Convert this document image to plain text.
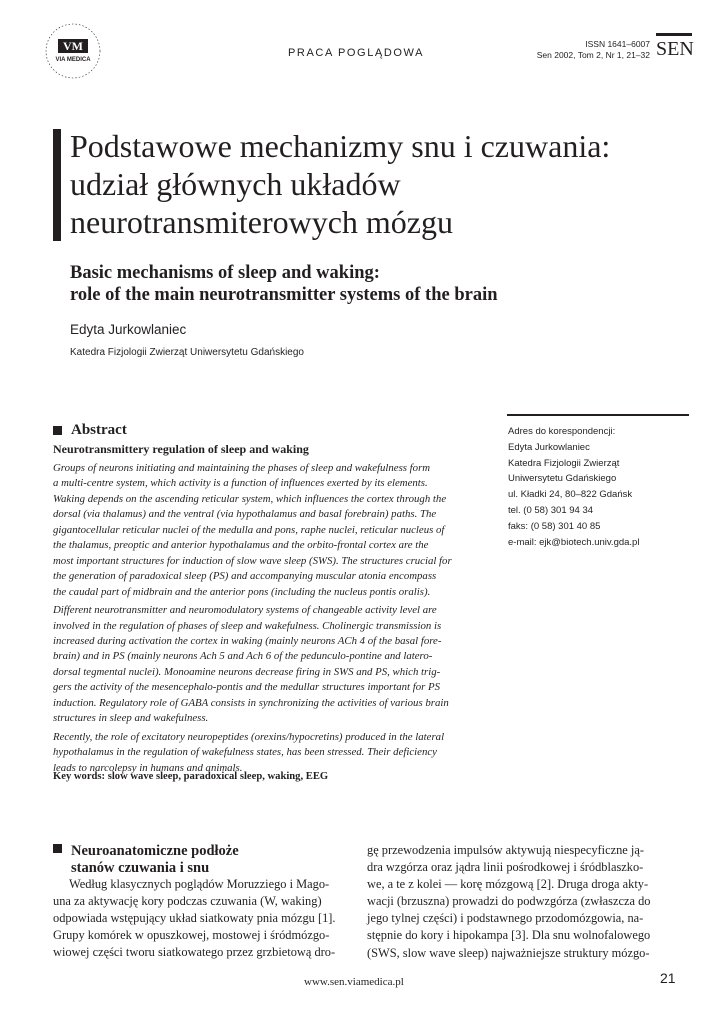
VM
VIA MEDICA
PRACA POGLĄDOWA
ISSN 1641–6007
Sen 2002, Tom 2, Nr 1, 21–32 SEN
Podstawowe mechanizmy snu i czuwania:
udział głównych układów
neurotransmiterowych mózgu
Basic mechanisms of sleep and waking:
role of the main neurotransmitter systems of the brain
Edyta Jurkowlaniec
Katedra Fizjologii Zwierząt Uniwersytetu Gdańskiego
Abstract
Neurotransmittery regulation of sleep and waking

Groups of neurons initiating and maintaining the phases of sleep and wakefulness form
a multi-centre system, which activity is a function of influences exerted by its elements.
Waking depends on the ascending reticular system, which influences the cortex through the
dorsal (via thalamus) and the ventral (via hypothalamus and basal forebrain) paths. The
gigantocellular reticular nuclei of the medulla and pons, raphe nuclei, reticular nucleus of
the thalamus, preoptic and anterior hypothalamus and the orbito-frontal cortex are the
most important structures for induction of slow wave sleep (SWS). The structures crucial for
the generation of paradoxical sleep (PS) and accompanying muscular atonia encompass
the caudal part of midbrain and the anterior pons (including the nucleus pontis oralis).

Different neurotransmitter and neuromodulatory systems of changeable activity level are
involved in the regulation of phases of sleep and wakefulness. Cholinergic transmission is
increased during activation the cortex in waking (mainly neurons ACh 4 of the basal fore-
brain) and in PS (mainly neurons Ach 5 and Ach 6 of the pedunculo-pontine and latero-
dorsal tegmental nuclei). Monoamine neurons decrease firing in SWS and PS, which trig-
gers the activity of the mesencephalo-pontis and the medullar structures important for PS
induction. Regulatory role of GABA consists in synchronizing the activities of various brain
structures in sleep and wakefulness.

Recently, the role of excitatory neuropeptides (orexins/hypocretins) produced in the lateral
hypothalamus in the regulation of wakefulness states, has been stressed. Their deficiency
leads to narcolepsy in humans and animals.

Key words: slow wave sleep, paradoxical sleep, waking, EEG
Adres do korespondencji:
Edyta Jurkowlaniec
Katedra Fizjologii Zwierząt
Uniwersytetu Gdańskiego
ul. Kładki 24, 80–822 Gdańsk
tel. (0 58) 301 94 34
faks: (0 58) 301 40 85
e-mail: ejk@biotech.univ.gda.pl
Neuroanatomiczne podłoże
stanów czuwania i snu
Według klasycznych poglądów Moruzziego i Mago-
una za aktywację kory podczas czuwania (W, waking)
odpowiada wstępujący układ siatkowaty pnia mózgu [1].
Grupy komórek w opuszkowej, mostowej i śródmózgo-
wiowej części tworu siatkowatego przez grzbietową dro-
gę przewodzenia impulsów aktywują niespecyficzne ją-
dra wzgórza oraz jądra linii pośrodkowej i śródblaszko-
we, a te z kolei — korę mózgową [2]. Druga droga akty-
wacji (brzuszna) prowadzi do podwzgórza (zwłaszcza do
jego tylnej części) i podstawnego przodomózgowia, na-
stępnie do kory i hipokampa [3]. Dla snu wolnofalowego
(SWS, slow wave sleep) najważniejsze struktury mózgo-
www.sen.viamedica.pl	21
